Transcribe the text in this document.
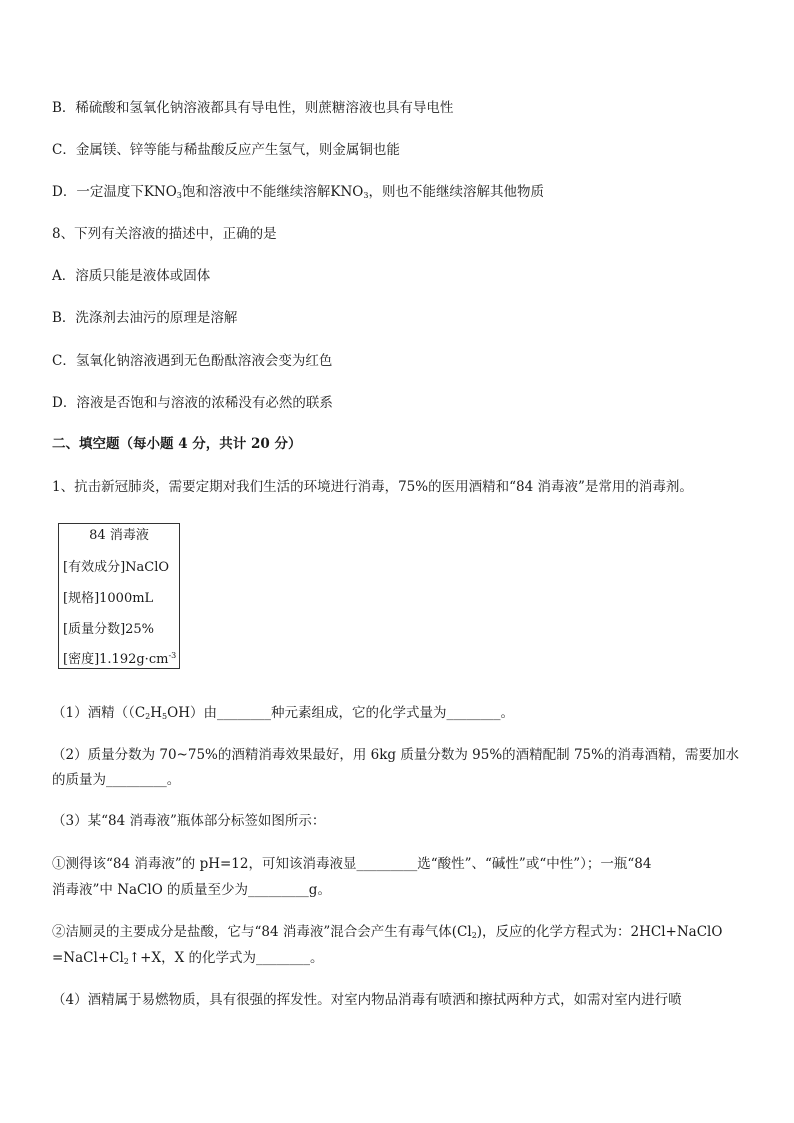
B．稀硫酸和氢氧化钠溶液都具有导电性，则蔗糖溶液也具有导电性
C．金属镁、锌等能与稀盐酸反应产生氢气，则金属铜也能
D．一定温度下$KNO_3$饱和溶液中不能继续溶解$KNO_3$，则也不能继续溶解其他物质
8、下列有关溶液的描述中，正确的是
A．溶质只能是液体或固体
B．洗涤剂去油污的原理是溶解
C．氢氧化钠溶液遇到无色酚酞溶液会变为红色
D．溶液是否饱和与溶液的浓稀没有必然的联系
二、填空题（每小题 4 分，共计 20 分）
1、抗击新冠肺炎，需要定期对我们生活的环境进行消毒，75%的医用酒精和“84 消毒液”是常用的消毒剂。
84 消毒液
[有效成分]NaClO
[规格]1000mL
[质量分数]25%
[密度]$1.192g\cdot cm^{-3}$
（1）酒精（$(C_2H_5OH)$由________种元素组成，它的化学式量为________。
（2）质量分数为 70~75%的酒精消毒效果最好，用 6kg 质量分数为 95%的酒精配制 75%的消毒酒精，需要加水
的质量为_________。
（3）某“84 消毒液”瓶体部分标签如图所示：
①测得该“84 消毒液”的 pH=12，可知该消毒液显_________选“酸性”、“碱性”或“中性”）；一瓶“84
消毒液”中 NaClO 的质量至少为_________g。
②洁厕灵的主要成分是盐酸，它与“84 消毒液”混合会产生有毒气体$(Cl_2)$，反应的化学方程式为：2HCl+NaClO
$=NaCl+Cl_2↑+X$，X 的化学式为________。
（4）酒精属于易燃物质，具有很强的挥发性。对室内物品消毒有喷洒和擦拭两种方式，如需对室内进行喷
